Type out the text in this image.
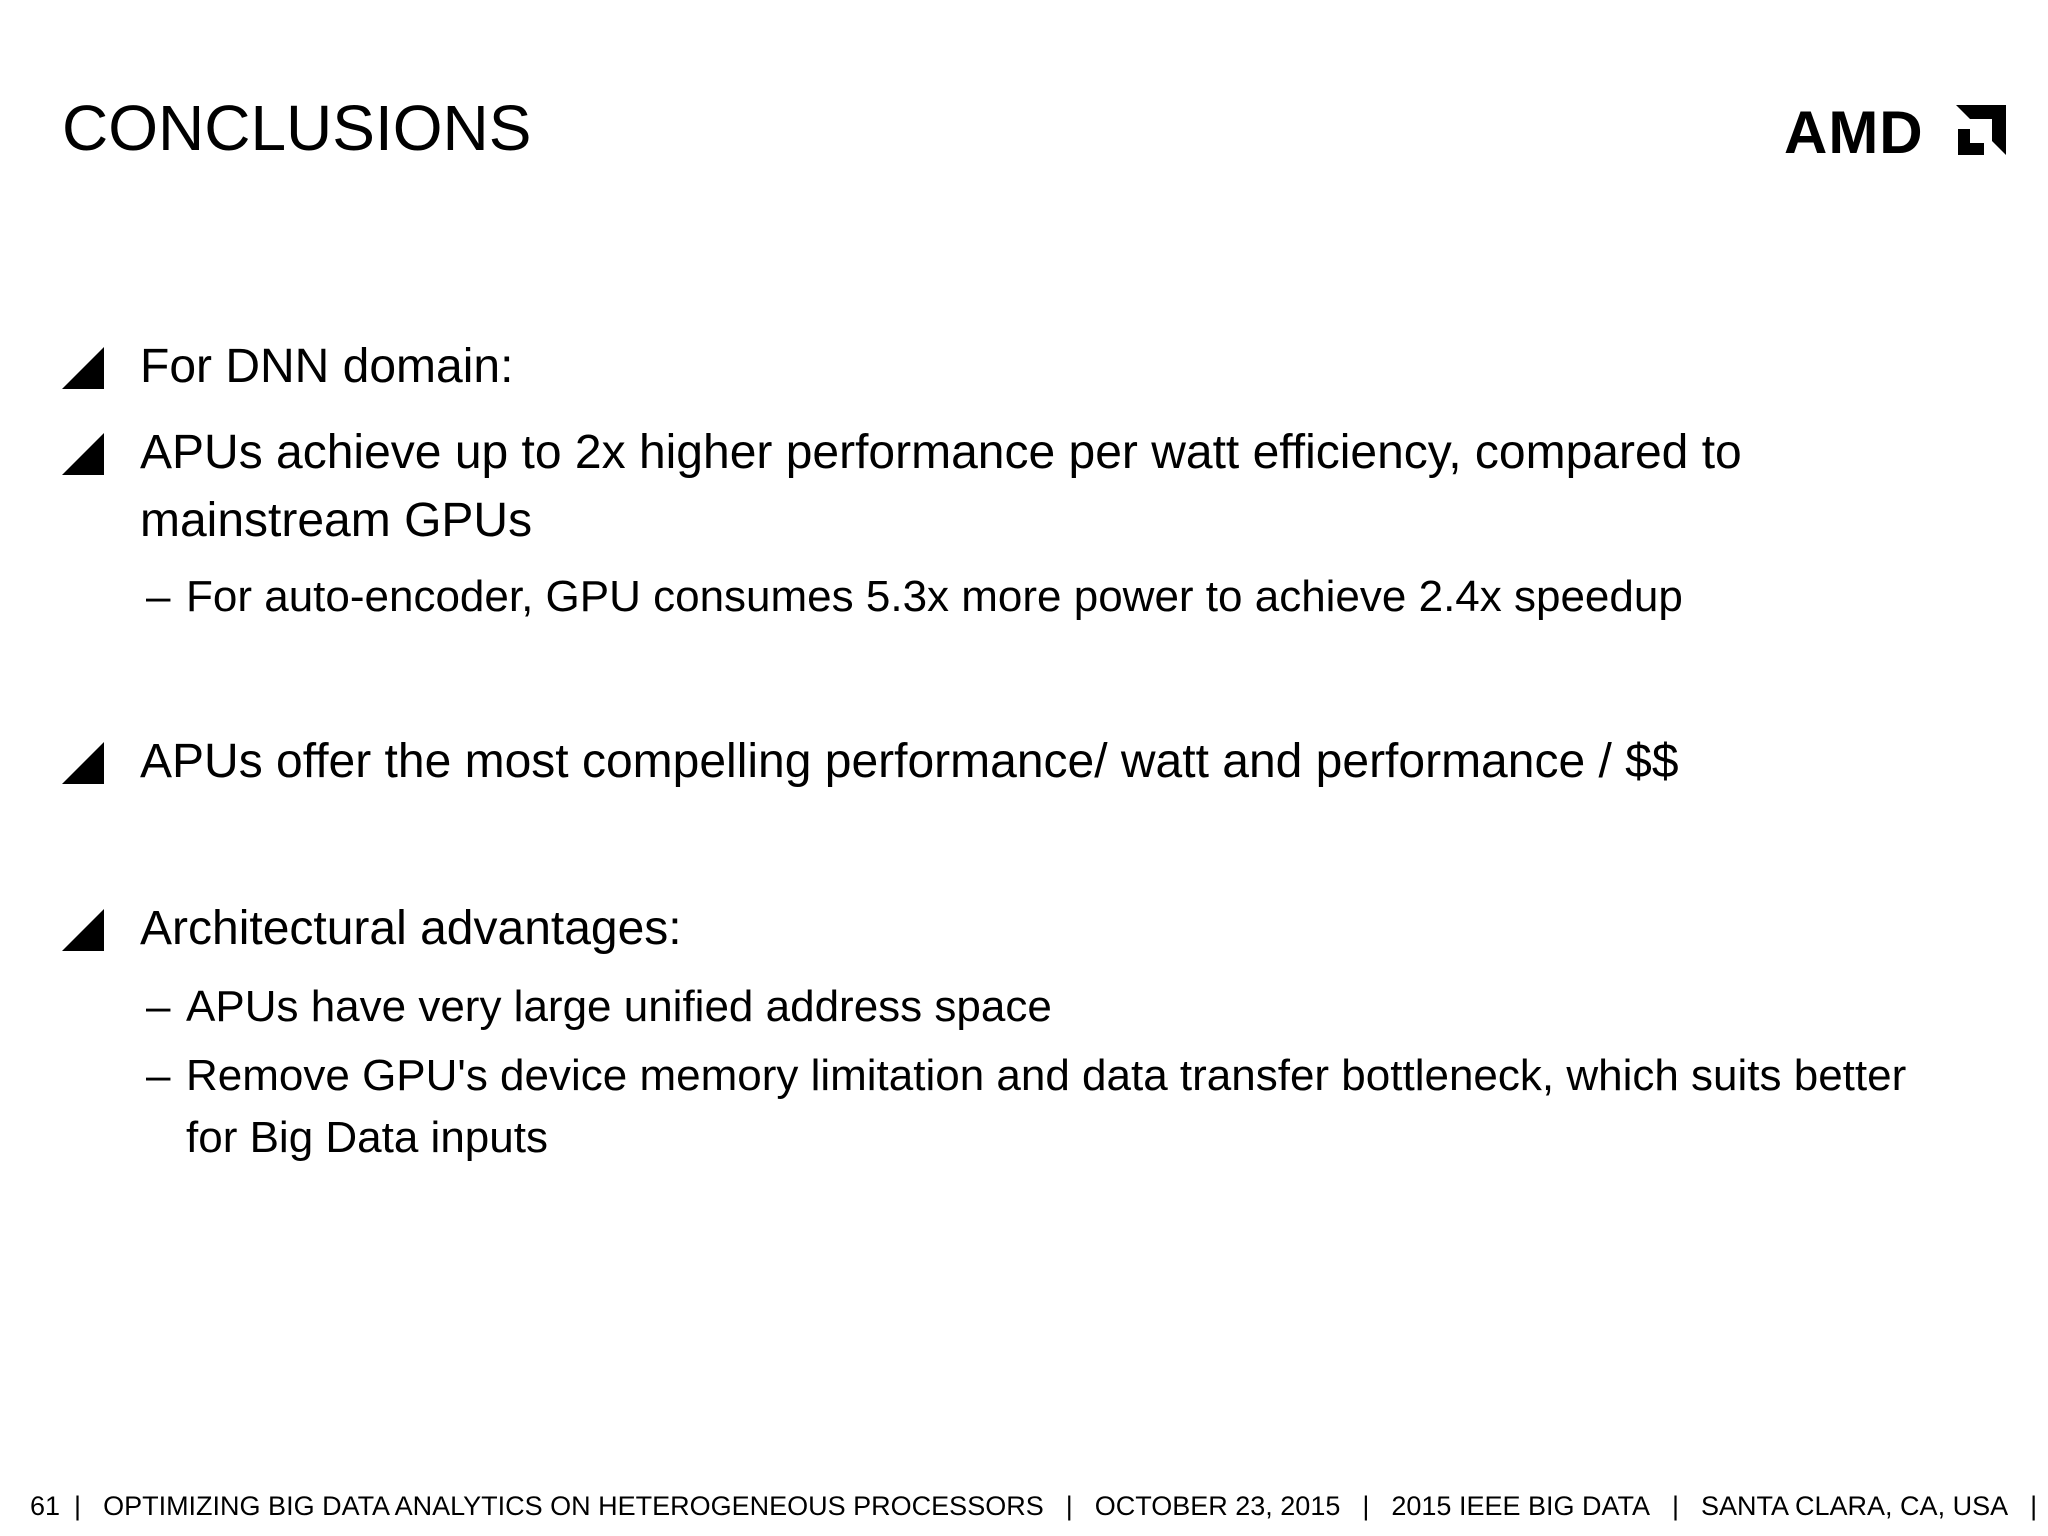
CONCLUSIONS	AMD
For DNN domain:
APUs achieve up to 2x higher performance per watt efficiency, compared to mainstream GPUs
– For auto-encoder, GPU consumes 5.3x more power to achieve 2.4x speedup
APUs offer the most compelling performance/ watt and performance / $$
Architectural advantages:
– APUs have very large unified address space
– Remove GPU's device memory limitation and data transfer bottleneck, which suits better for Big Data inputs
61 | OPTIMIZING BIG DATA ANALYTICS ON HETEROGENEOUS PROCESSORS | OCTOBER 23, 2015 | 2015 IEEE BIG DATA | SANTA CLARA, CA, USA |
